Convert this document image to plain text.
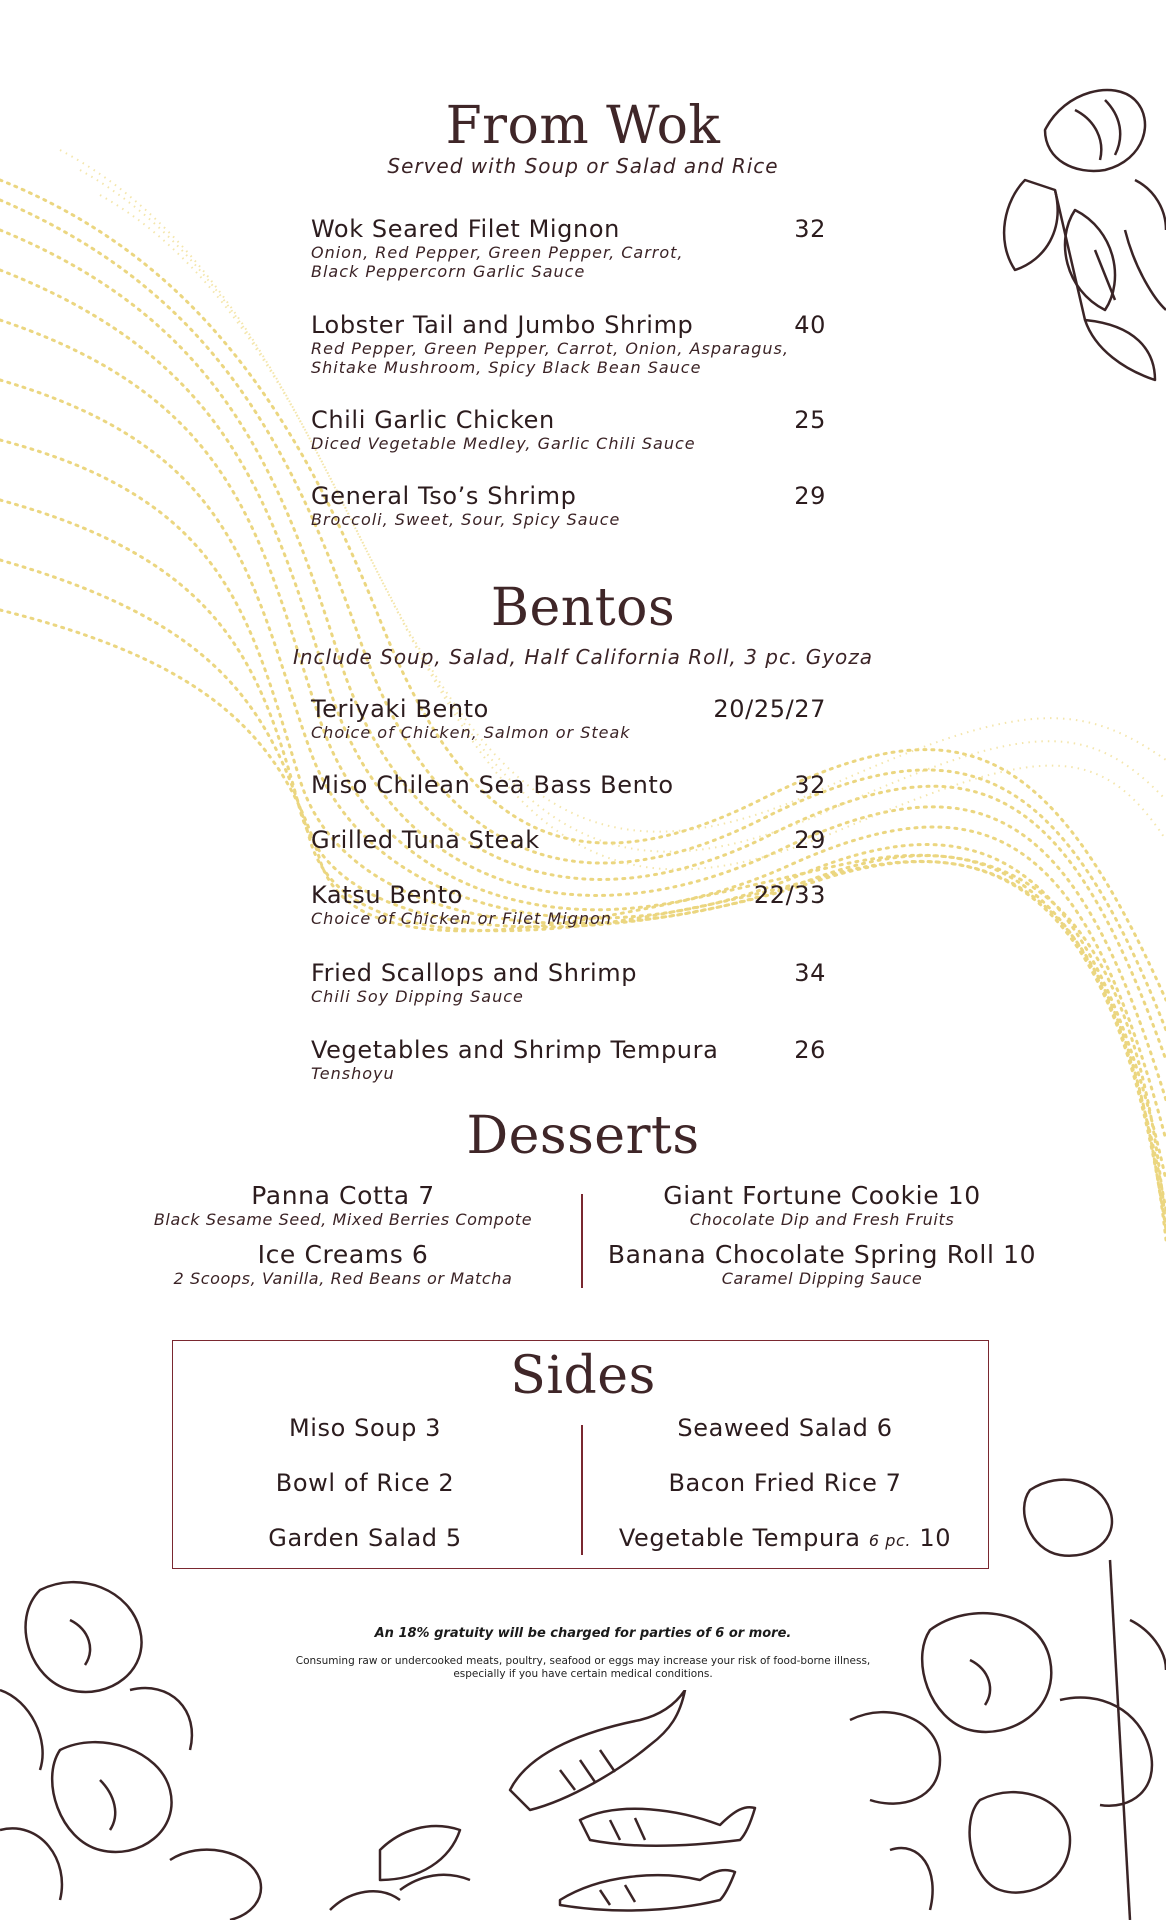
From Wok
Served with Soup or Salad and Rice
Wok Seared Filet Mignon	32
Onion, Red Pepper, Green Pepper, Carrot,
Black Peppercorn Garlic Sauce
Lobster Tail and Jumbo Shrimp	40
Red Pepper, Green Pepper, Carrot, Onion, Asparagus,
Shitake Mushroom, Spicy Black Bean Sauce
Chili Garlic Chicken	25
Diced Vegetable Medley, Garlic Chili Sauce
General Tso’s Shrimp	29
Broccoli, Sweet, Sour, Spicy Sauce
Bentos
Include Soup, Salad, Half California Roll, 3 pc. Gyoza
Teriyaki Bento	20/25/27
Choice of Chicken, Salmon or Steak
Miso Chilean Sea Bass Bento	32
Grilled Tuna Steak	29
Katsu Bento	22/33
Choice of Chicken or Filet Mignon
Fried Scallops and Shrimp	34
Chili Soy Dipping Sauce
Vegetables and Shrimp Tempura	26
Tenshoyu
Desserts
Panna Cotta 7
Black Sesame Seed, Mixed Berries Compote
Ice Creams 6
2 Scoops, Vanilla, Red Beans or Matcha
Giant Fortune Cookie 10
Chocolate Dip and Fresh Fruits
Banana Chocolate Spring Roll 10
Caramel Dipping Sauce
Sides
Miso Soup 3
Bowl of Rice 2
Garden Salad 5
Seaweed Salad 6
Bacon Fried Rice 7
Vegetable Tempura 6 pc. 10
An 18% gratuity will be charged for parties of 6 or more.
Consuming raw or undercooked meats, poultry, seafood or eggs may increase your risk of food-borne illness,
especially if you have certain medical conditions.
